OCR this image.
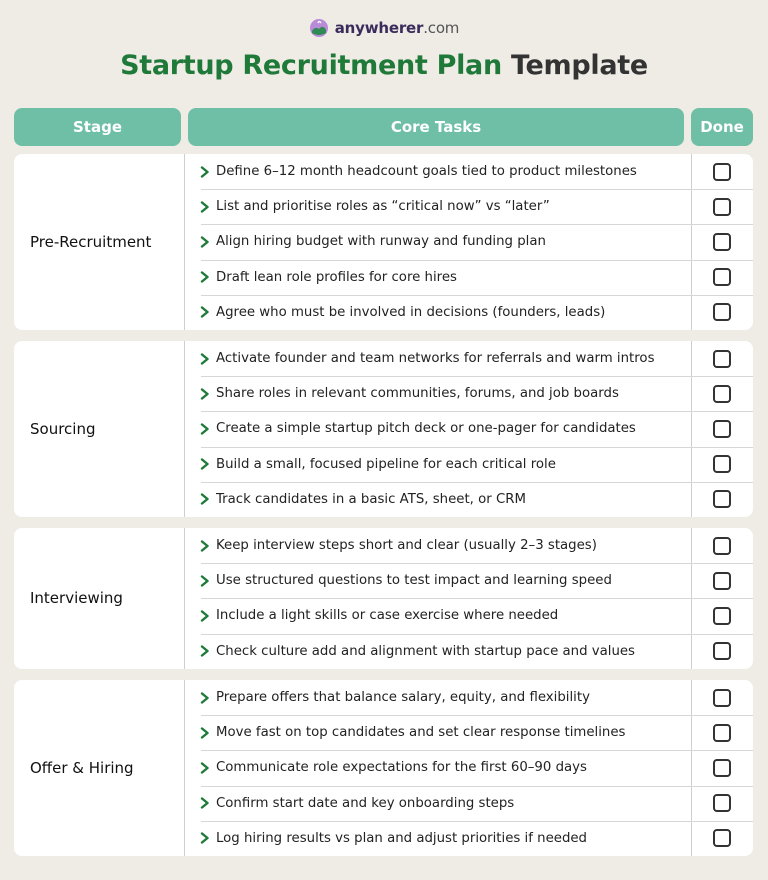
anywherer.com
Startup Recruitment Plan Template
Stage	Core Tasks	Done
Pre-Recruitment
Define 6–12 month headcount goals tied to product milestones
List and prioritise roles as “critical now” vs “later”
Align hiring budget with runway and funding plan
Draft lean role profiles for core hires
Agree who must be involved in decisions (founders, leads)
Sourcing
Activate founder and team networks for referrals and warm intros
Share roles in relevant communities, forums, and job boards
Create a simple startup pitch deck or one-pager for candidates
Build a small, focused pipeline for each critical role
Track candidates in a basic ATS, sheet, or CRM
Interviewing
Keep interview steps short and clear (usually 2–3 stages)
Use structured questions to test impact and learning speed
Include a light skills or case exercise where needed
Check culture add and alignment with startup pace and values
Offer & Hiring
Prepare offers that balance salary, equity, and flexibility
Move fast on top candidates and set clear response timelines
Communicate role expectations for the first 60–90 days
Confirm start date and key onboarding steps
Log hiring results vs plan and adjust priorities if needed
